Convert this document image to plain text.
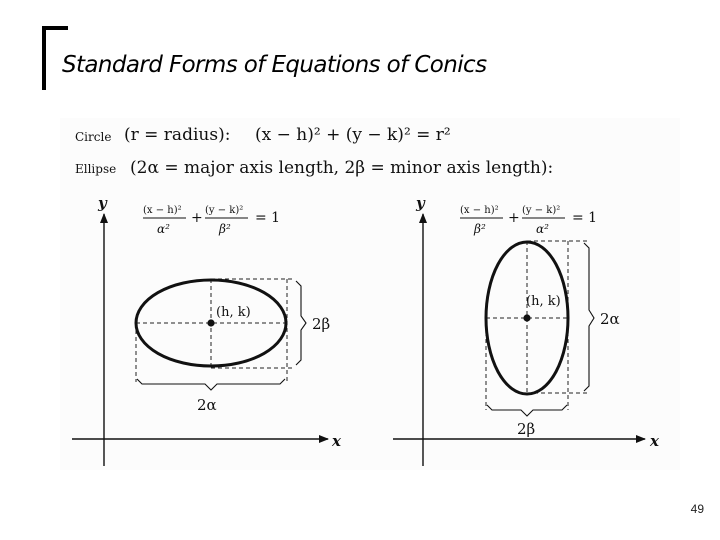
Standard Forms of Equations of Conics
Circle (r = radius): (x − h)² + (y − k)² = r²
Ellipse (2α = major axis length, 2β = minor axis length):
y
x
(x − h)²
α²
+ (y − k)²
β²
= 1
(h, k)
2β
2α
y
x
(x − h)²
β²
+ (y − k)²
α²
= 1
(h, k)
2α
2β
49
